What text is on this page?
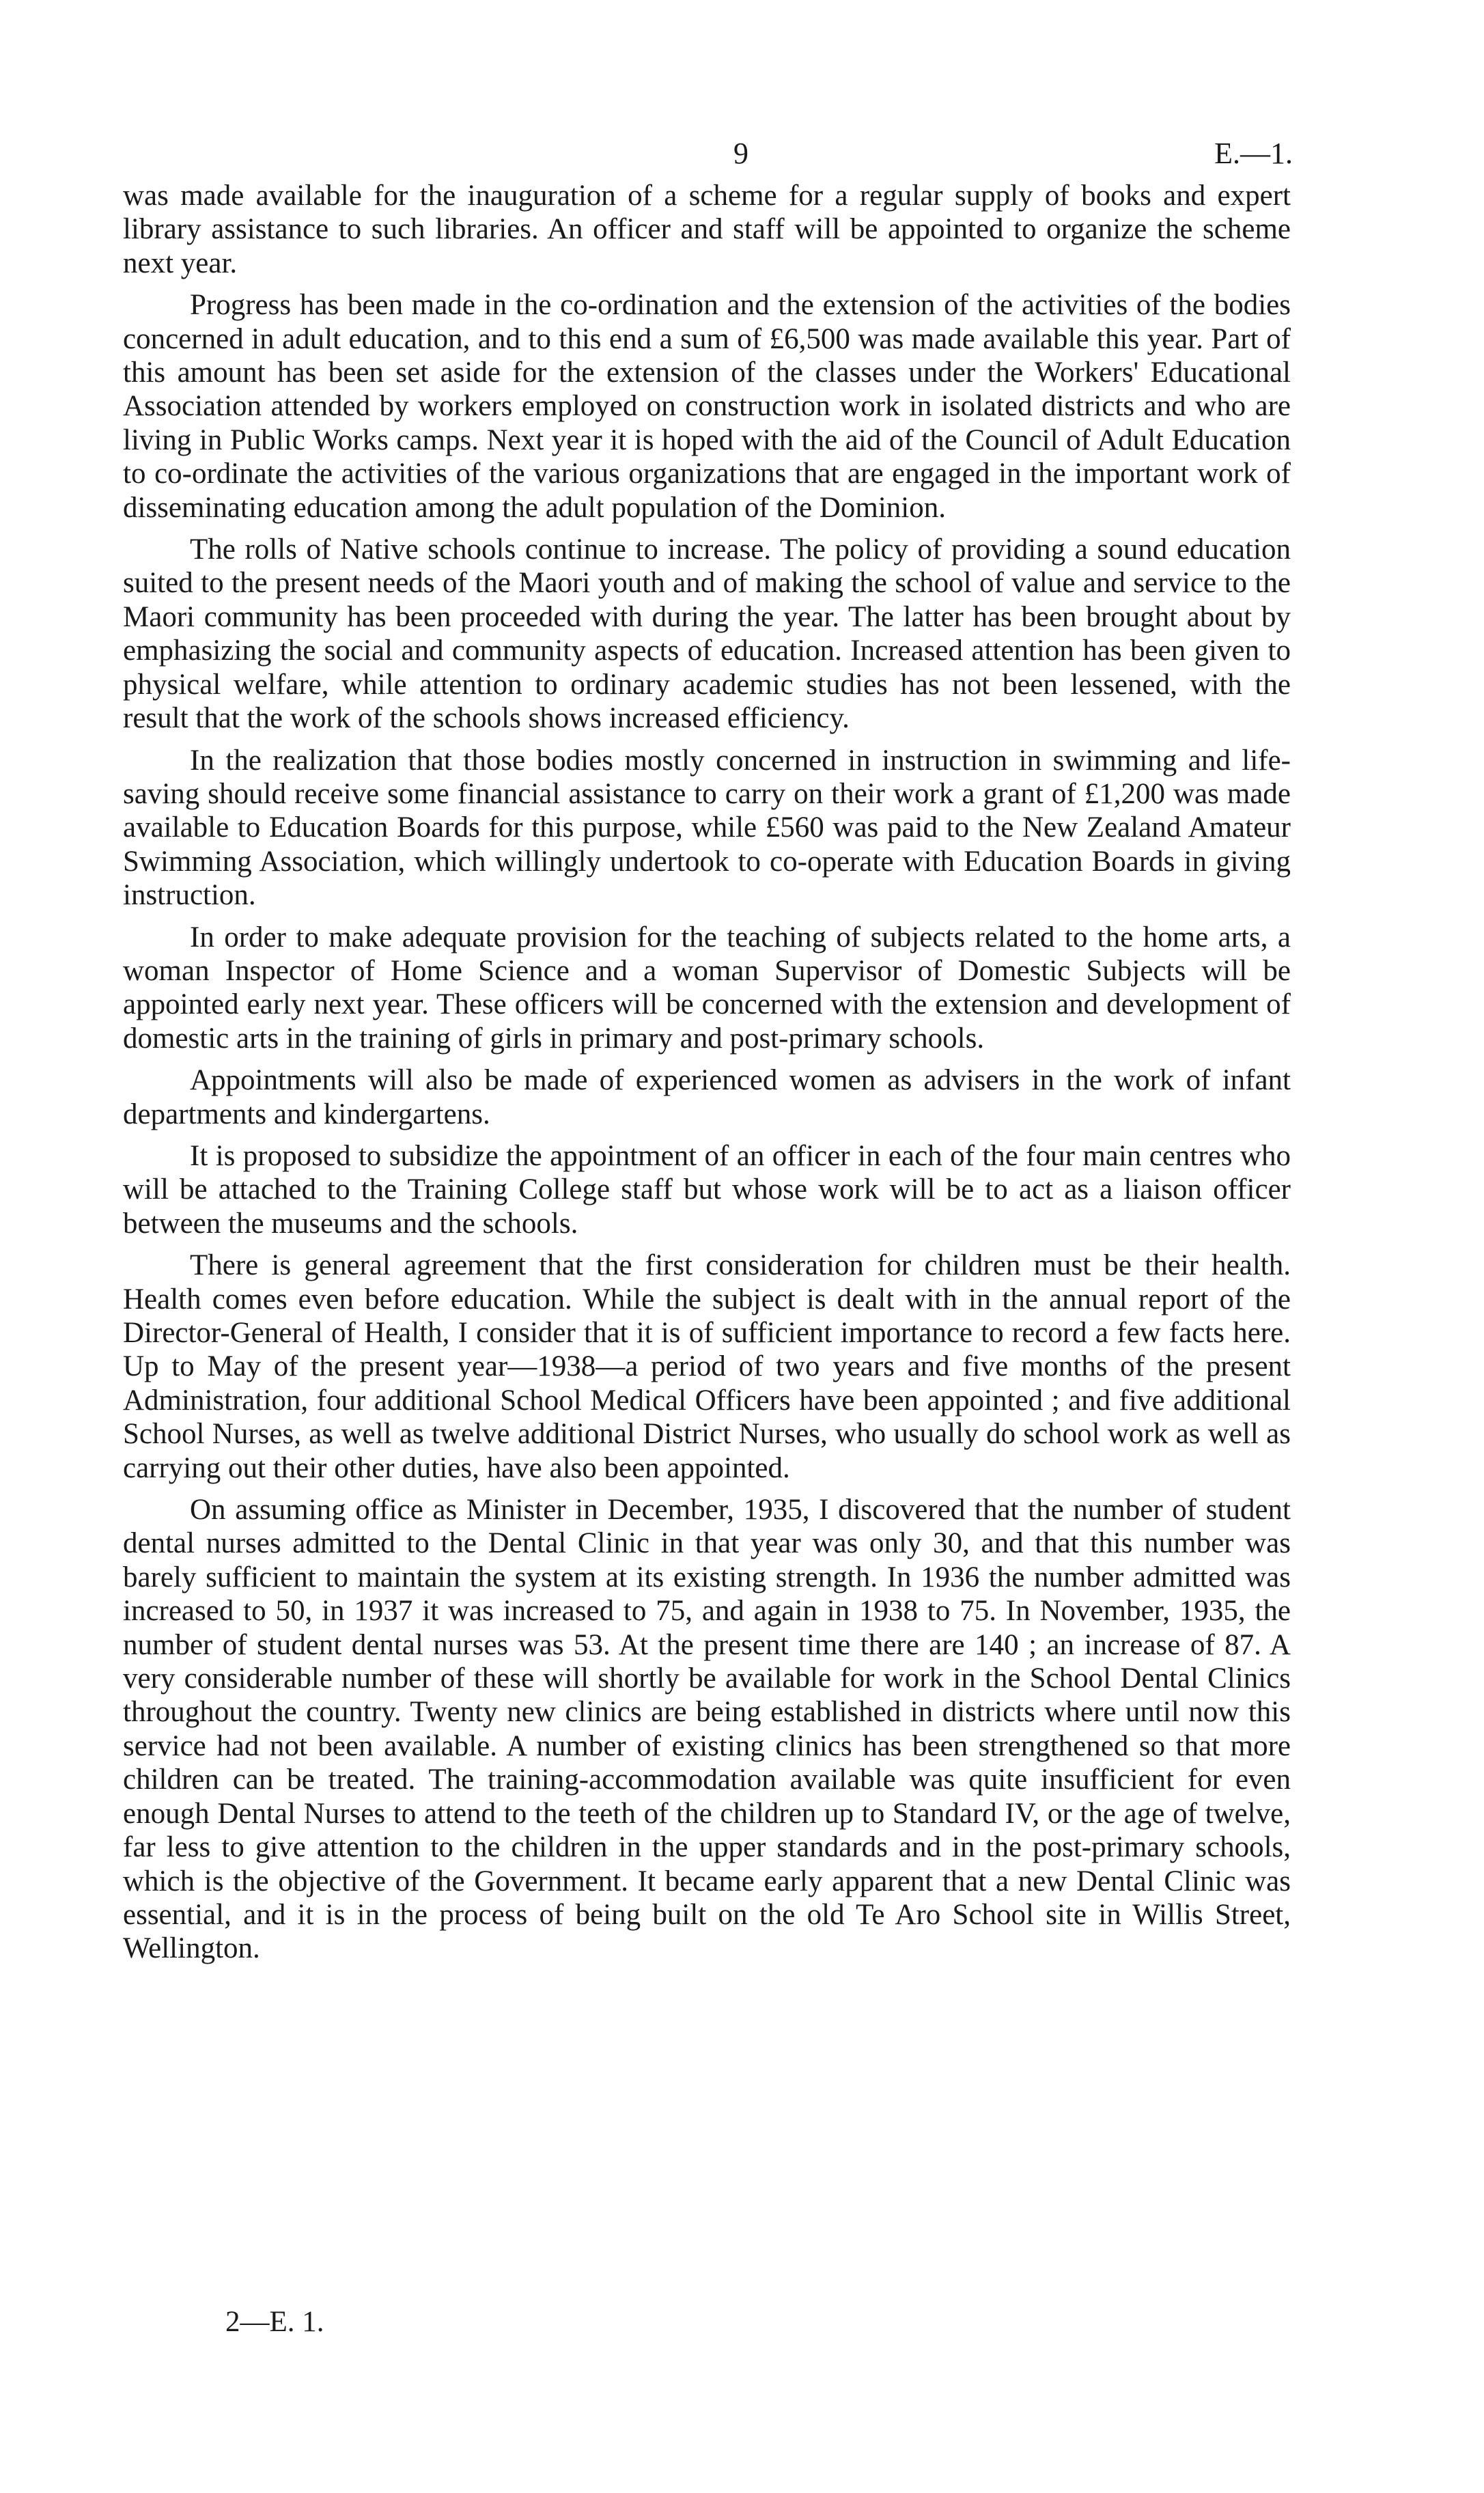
9	E.—1.

was made available for the inauguration of a scheme for a regular supply of books and expert library assistance to such libraries. An officer and staff will be appointed to organize the scheme next year.

Progress has been made in the co-ordination and the extension of the activities of the bodies concerned in adult education, and to this end a sum of £6,500 was made available this year. Part of this amount has been set aside for the extension of the classes under the Workers' Educational Association attended by workers employed on construction work in isolated districts and who are living in Public Works camps. Next year it is hoped with the aid of the Council of Adult Education to co-ordinate the activities of the various organizations that are engaged in the important work of disseminating education among the adult population of the Dominion.

The rolls of Native schools continue to increase. The policy of providing a sound education suited to the present needs of the Maori youth and of making the school of value and service to the Maori community has been proceeded with during the year. The latter has been brought about by emphasizing the social and community aspects of education. Increased attention has been given to physical welfare, while attention to ordinary academic studies has not been lessened, with the result that the work of the schools shows increased efficiency.

In the realization that those bodies mostly concerned in instruction in swimming and life-saving should receive some financial assistance to carry on their work a grant of £1,200 was made available to Education Boards for this purpose, while £560 was paid to the New Zealand Amateur Swimming Association, which willingly undertook to co-operate with Education Boards in giving instruction.

In order to make adequate provision for the teaching of subjects related to the home arts, a woman Inspector of Home Science and a woman Supervisor of Domestic Subjects will be appointed early next year. These officers will be concerned with the extension and development of domestic arts in the training of girls in primary and post-primary schools.

Appointments will also be made of experienced women as advisers in the work of infant departments and kindergartens.

It is proposed to subsidize the appointment of an officer in each of the four main centres who will be attached to the Training College staff but whose work will be to act as a liaison officer between the museums and the schools.

There is general agreement that the first consideration for children must be their health. Health comes even before education. While the subject is dealt with in the annual report of the Director-General of Health, I consider that it is of sufficient importance to record a few facts here. Up to May of the present year—1938—a period of two years and five months of the present Administration, four additional School Medical Officers have been appointed ; and five additional School Nurses, as well as twelve additional District Nurses, who usually do school work as well as carrying out their other duties, have also been appointed.

On assuming office as Minister in December, 1935, I discovered that the number of student dental nurses admitted to the Dental Clinic in that year was only 30, and that this number was barely sufficient to maintain the system at its existing strength. In 1936 the number admitted was increased to 50, in 1937 it was increased to 75, and again in 1938 to 75. In November, 1935, the number of student dental nurses was 53. At the present time there are 140 ; an increase of 87. A very considerable number of these will shortly be available for work in the School Dental Clinics throughout the country. Twenty new clinics are being established in districts where until now this service had not been available. A number of existing clinics has been strengthened so that more children can be treated. The training-accommodation available was quite insufficient for even enough Dental Nurses to attend to the teeth of the children up to Standard IV, or the age of twelve, far less to give attention to the children in the upper standards and in the post-primary schools, which is the objective of the Government. It became early apparent that a new Dental Clinic was essential, and it is in the process of being built on the old Te Aro School site in Willis Street, Wellington.

2—E. 1.
